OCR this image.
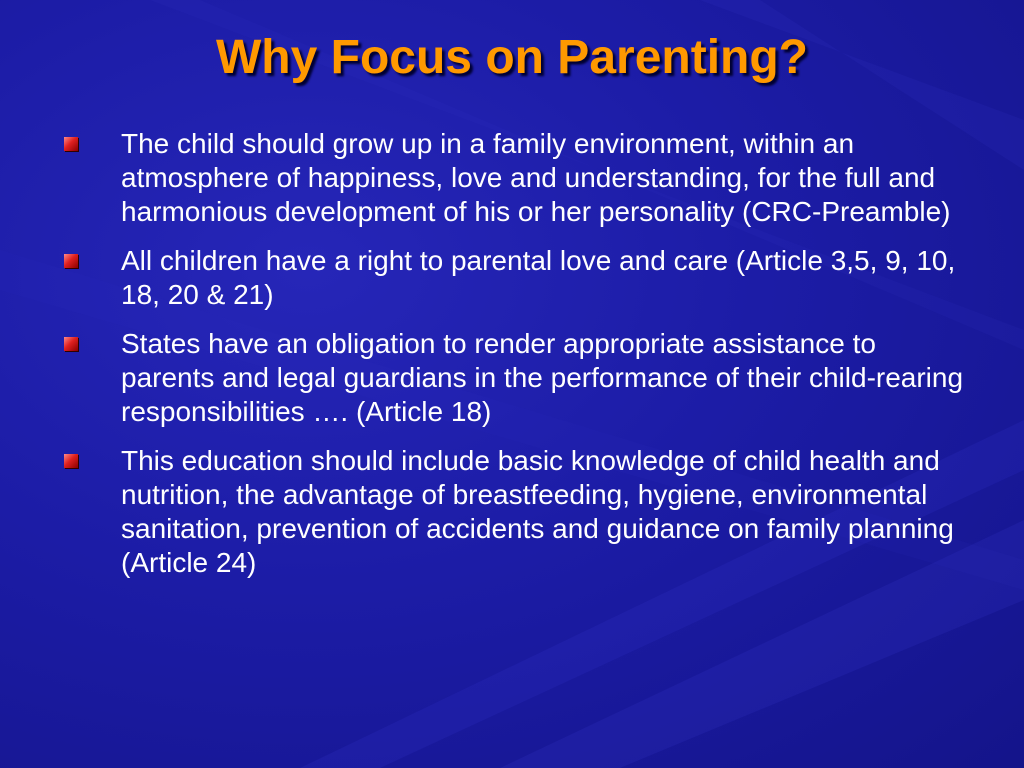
Why Focus on Parenting?
The child should grow up in a family environment, within an atmosphere of happiness, love and understanding, for the full and harmonious development of his or her personality (CRC-Preamble)
All children have a right to parental love and care (Article 3,5, 9, 10, 18, 20 & 21)
States have an obligation to render appropriate assistance to parents and legal guardians in the performance of their child-rearing responsibilities …. (Article 18)
This education should include basic knowledge of child health and nutrition, the advantage of breastfeeding, hygiene, environmental sanitation, prevention of accidents and guidance on family planning (Article 24)
